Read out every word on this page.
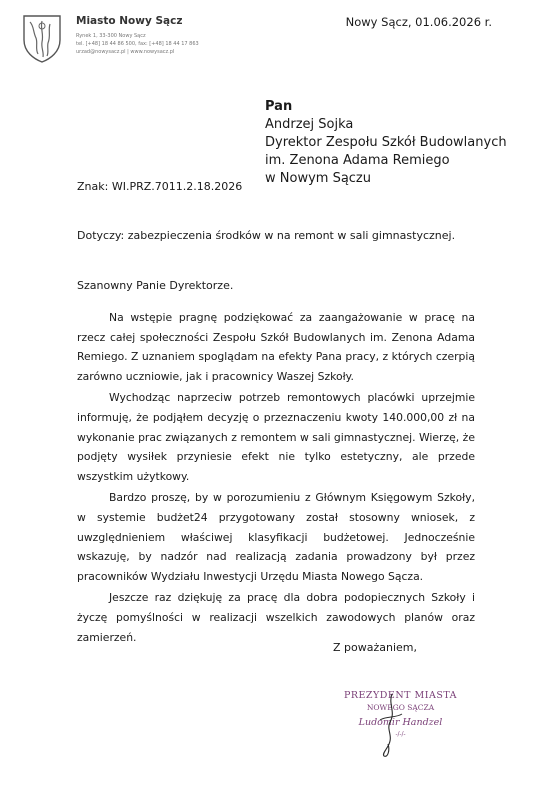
Miasto Nowy Sącz
Rynek 1, 33-300 Nowy Sącz
tel. [+48] 18 44 86 500, fax: [+48] 18 44 17 863
urzad@nowysacz.pl | www.nowysacz.pl
Nowy Sącz, 01.06.2026 r.
Pan
Andrzej Sojka
Dyrektor Zespołu Szkół Budowlanych
im. Zenona Adama Remiego
w Nowym Sączu
Znak: WI.PRZ.7011.2.18.2026
Dotyczy: zabezpieczenia środków w na remont w sali gimnastycznej.
Szanowny Panie Dyrektorze.

Na wstępie pragnę podziękować za zaangażowanie w pracę na rzecz całej społeczności Zespołu Szkół Budowlanych im. Zenona Adama Remiego. Z uznaniem spoglądam na efekty Pana pracy, z których czerpią zarówno uczniowie, jak i pracownicy Waszej Szkoły.

Wychodząc naprzeciw potrzeb remontowych placówki uprzejmie informuję, że podjąłem decyzję o przeznaczeniu kwoty 140.000,00 zł na wykonanie prac związanych z remontem w sali gimnastycznej. Wierzę, że podjęty wysiłek przyniesie efekt nie tylko estetyczny, ale przede wszystkim użytkowy.

Bardzo proszę, by w porozumieniu z Głównym Księgowym Szkoły, w systemie budżet24 przygotowany został stosowny wniosek, z uwzględnieniem właściwej klasyfikacji budżetowej. Jednocześnie wskazuję, by nadzór nad realizacją zadania prowadzony był przez pracowników Wydziału Inwestycji Urzędu Miasta Nowego Sącza.

Jeszcze raz dziękuję za pracę dla dobra podopiecznych Szkoły i życzę pomyślności w realizacji wszelkich zawodowych planów oraz zamierzeń.

Z poważaniem,
PREZYDENT MIASTA
NOWEGO SĄCZA
Ludomir Handzel
-/-/-
